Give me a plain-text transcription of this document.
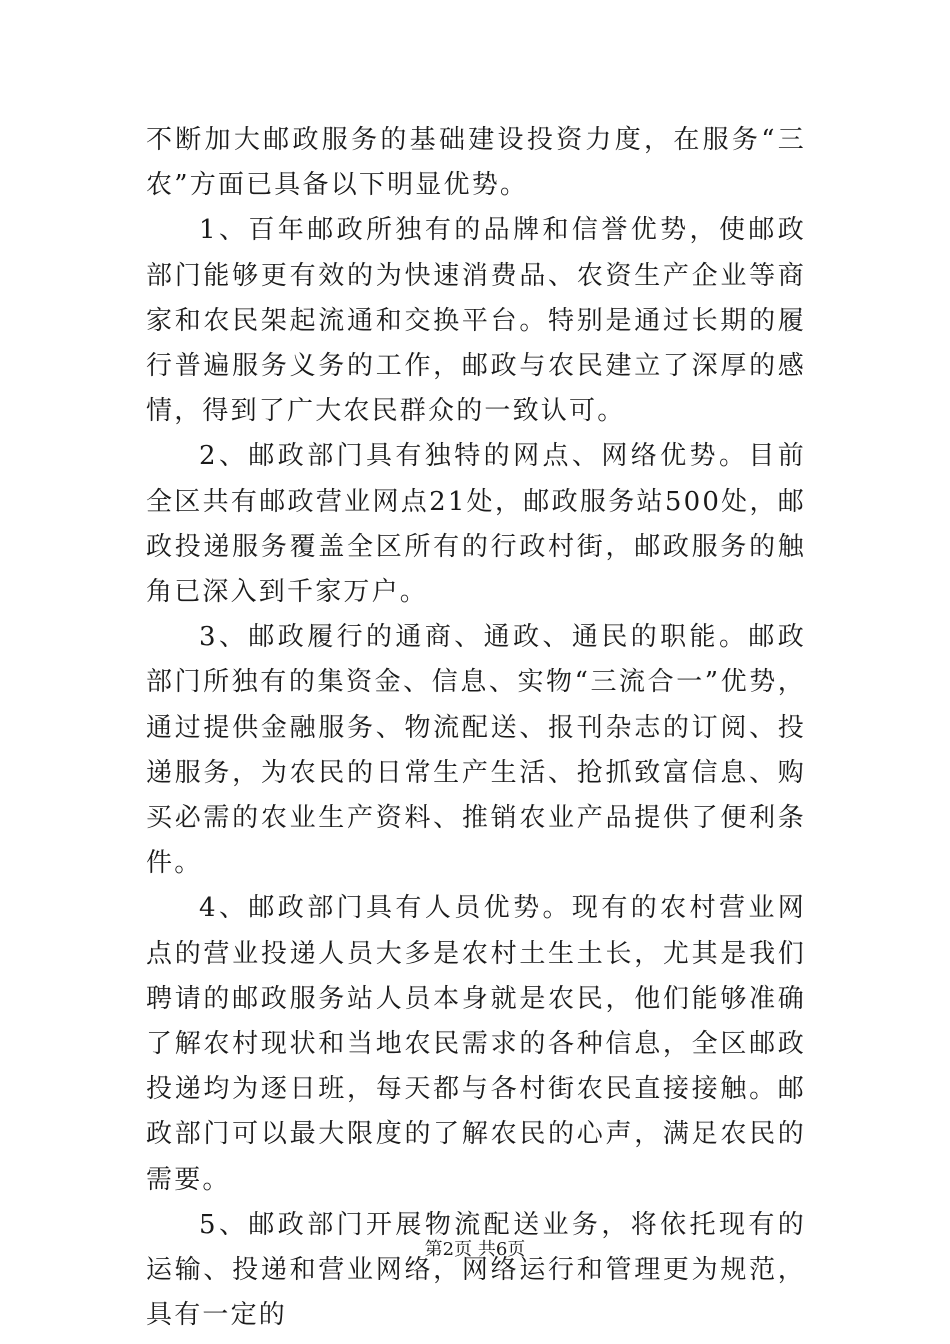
不断加大邮政服务的基础建设投资力度，在服务“三农”方面已具备以下明显优势。

1、百年邮政所独有的品牌和信誉优势，使邮政部门能够更有效的为快速消费品、农资生产企业等商家和农民架起流通和交换平台。特别是通过长期的履行普遍服务义务的工作，邮政与农民建立了深厚的感情，得到了广大农民群众的一致认可。

2、邮政部门具有独特的网点、网络优势。目前全区共有邮政营业网点21处，邮政服务站500处，邮政投递服务覆盖全区所有的行政村街，邮政服务的触角已深入到千家万户。

3、邮政履行的通商、通政、通民的职能。邮政部门所独有的集资金、信息、实物“三流合一”优势，通过提供金融服务、物流配送、报刊杂志的订阅、投递服务，为农民的日常生产生活、抢抓致富信息、购买必需的农业生产资料、推销农业产品提供了便利条件。

4、邮政部门具有人员优势。现有的农村营业网点的营业投递人员大多是农村土生土长，尤其是我们聘请的邮政服务站人员本身就是农民，他们能够准确了解农村现状和当地农民需求的各种信息，全区邮政投递均为逐日班，每天都与各村街农民直接接触。邮政部门可以最大限度的了解农民的心声，满足农民的需要。

5、邮政部门开展物流配送业务，将依托现有的运输、投递和营业网络，网络运行和管理更为规范，具有一定的

第2页 共6页
